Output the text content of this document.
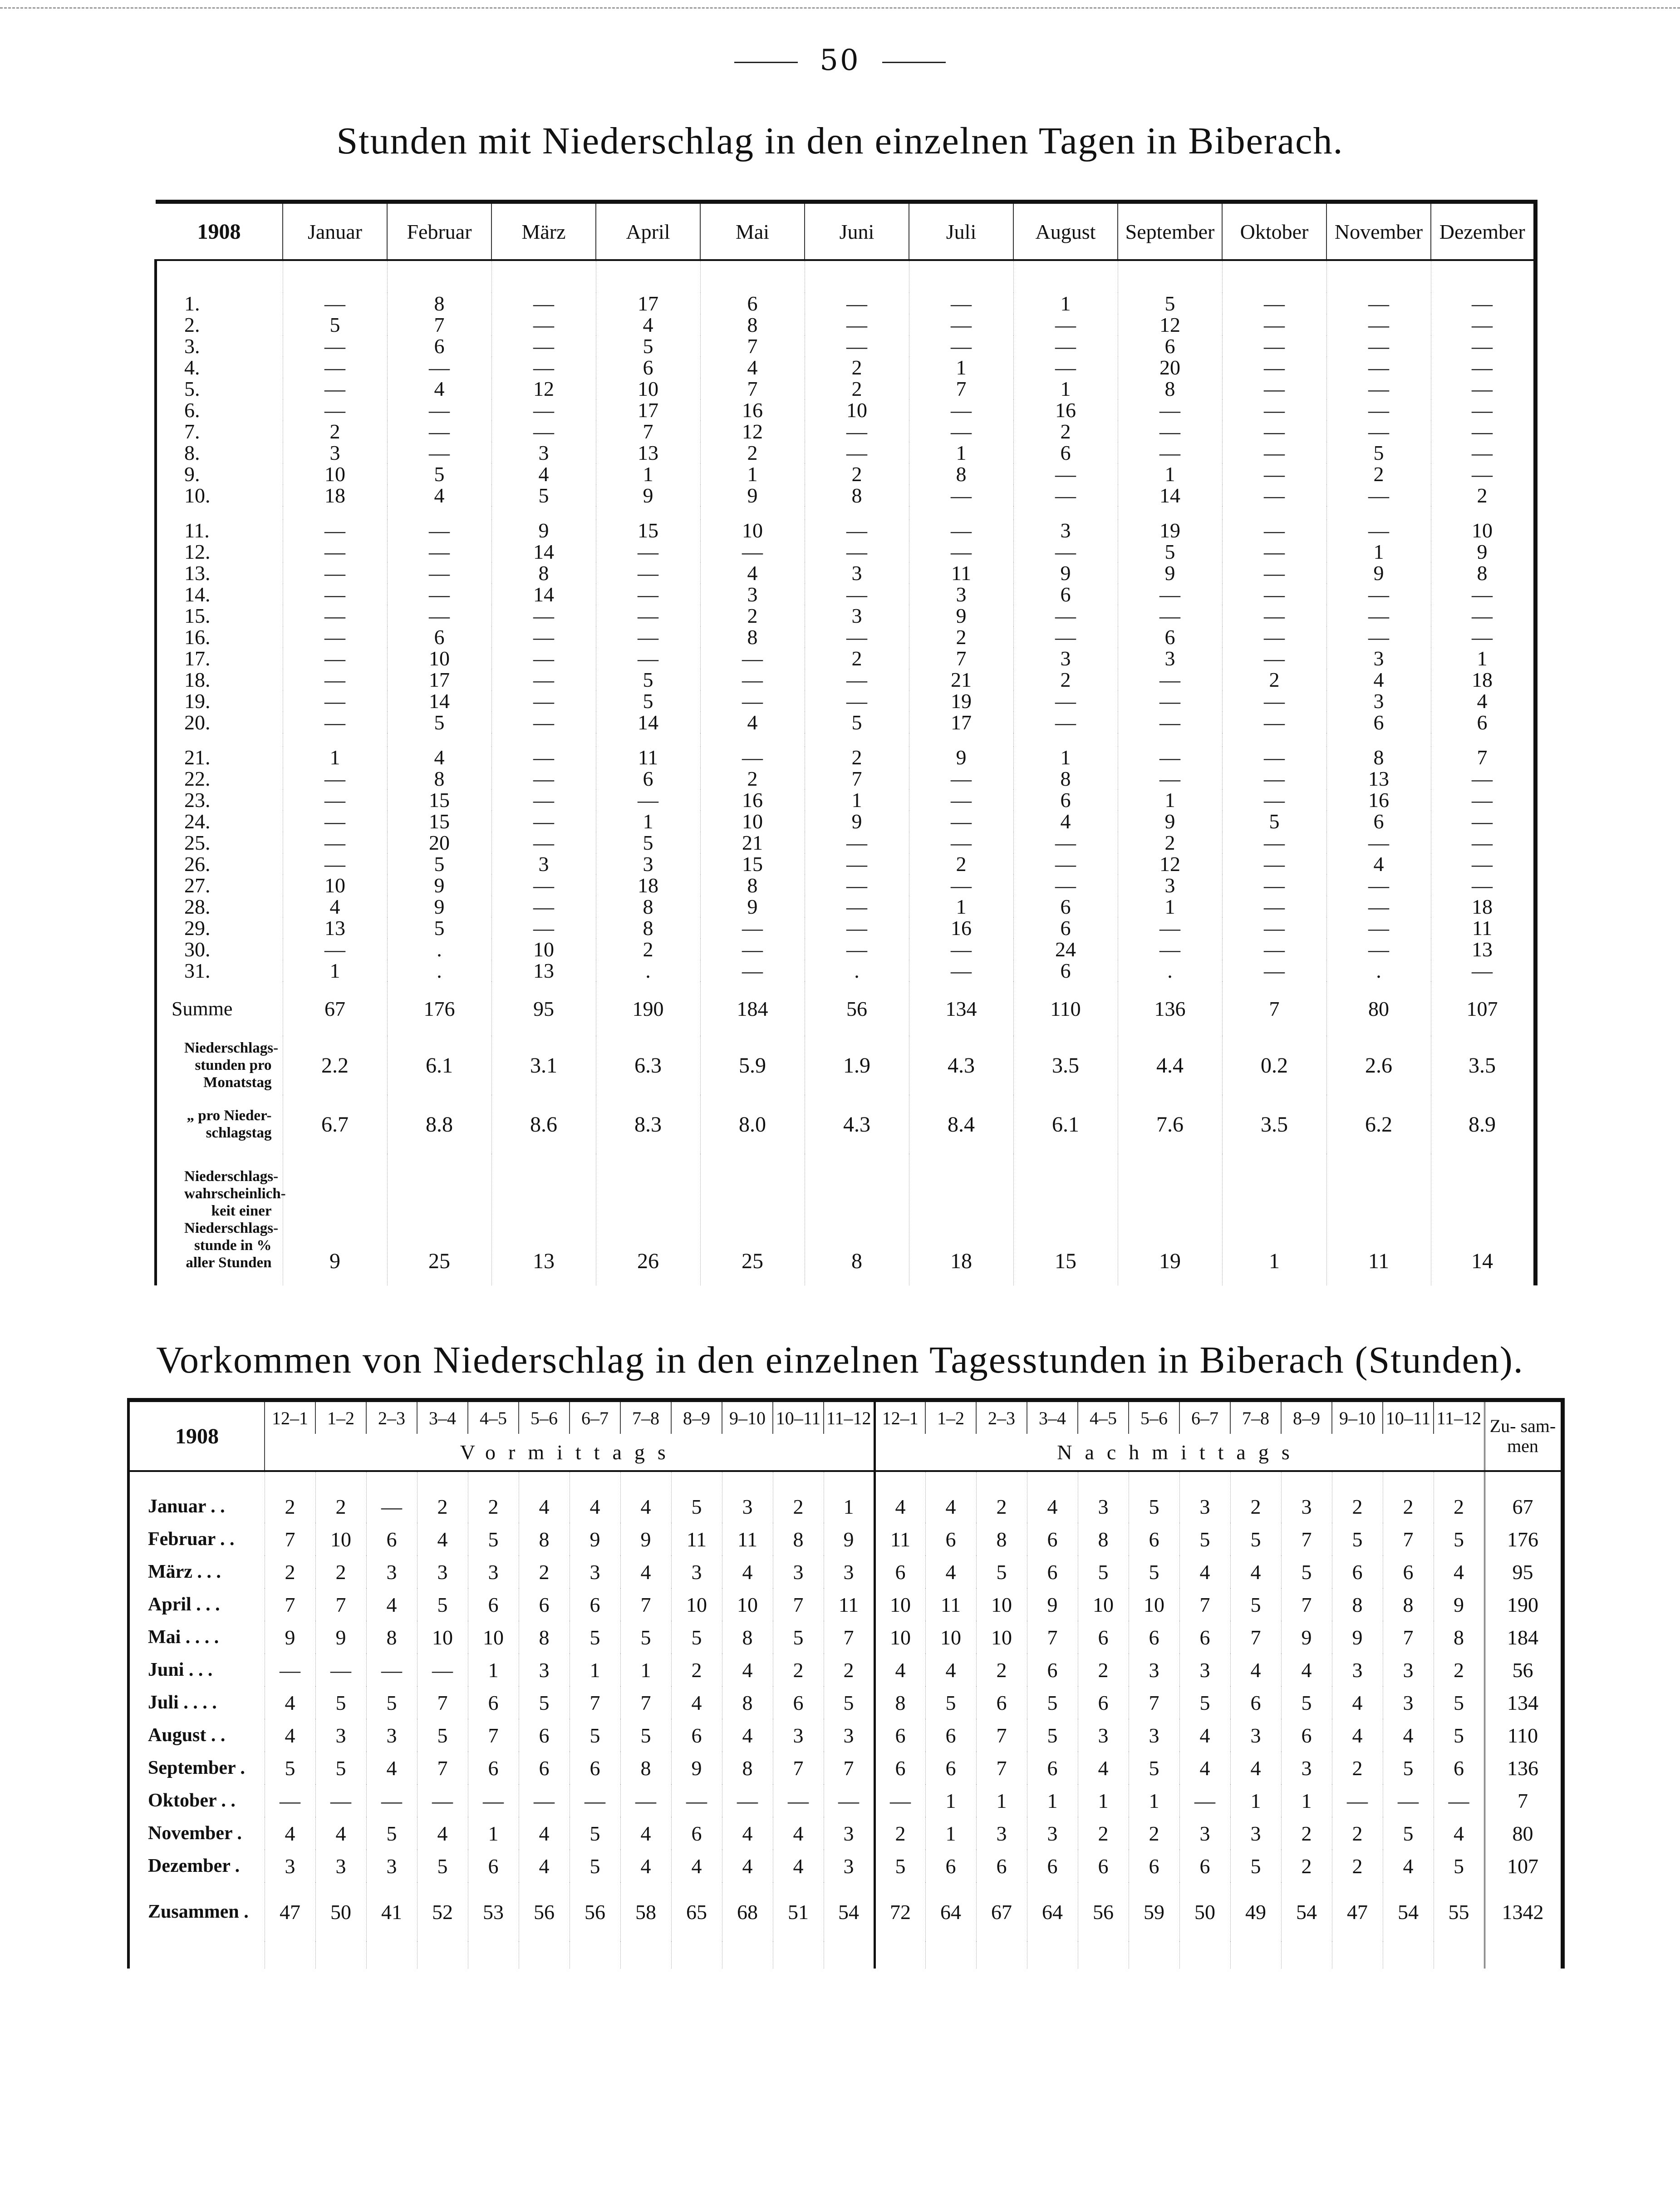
50
Stunden mit Niederschlag in den einzelnen Tagen in Biberach.
1908	Januar	Februar	März	April	Mai	Juni	Juli	August	September	Oktober	November	Dezember

1.	—	8	—	17	6	—	—	1	5	—	—	—
2.	5	7	—	4	8	—	—	—	12	—	—	—
3.	—	6	—	5	7	—	—	—	6	—	—	—
4.	—	—	—	6	4	2	1	—	20	—	—	—
5.	—	4	12	10	7	2	7	1	8	—	—	—
6.	—	—	—	17	16	10	—	16	—	—	—	—
7.	2	—	—	7	12	—	—	2	—	—	—	—
8.	3	—	3	13	2	—	1	6	—	—	5	—
9.	10	5	4	1	1	2	8	—	1	—	2	—
10.	18	4	5	9	9	8	—	—	14	—	—	2

11.	—	—	9	15	10	—	—	3	19	—	—	10
12.	—	—	14	—	—	—	—	—	5	—	1	9
13.	—	—	8	—	4	3	11	9	9	—	9	8
14.	—	—	14	—	3	—	3	6	—	—	—	—
15.	—	—	—	—	2	3	9	—	—	—	—	—
16.	—	6	—	—	8	—	2	—	6	—	—	—
17.	—	10	—	—	—	2	7	3	3	—	3	1
18.	—	17	—	5	—	—	21	2	—	2	4	18
19.	—	14	—	5	—	—	19	—	—	—	3	4
20.	—	5	—	14	4	5	17	—	—	—	6	6

21.	1	4	—	11	—	2	9	1	—	—	8	7
22.	—	8	—	6	2	7	—	8	—	—	13	—
23.	—	15	—	—	16	1	—	6	1	—	16	—
24.	—	15	—	1	10	9	—	4	9	5	6	—
25.	—	20	—	5	21	—	—	—	2	—	—	—
26.	—	5	3	3	15	—	2	—	12	—	4	—
27.	10	9	—	18	8	—	—	—	3	—	—	—
28.	4	9	—	8	9	—	1	6	1	—	—	18
29.	13	5	—	8	—	—	16	6	—	—	—	11
30.	—	.	10	2	—	—	—	24	—	—	—	13
31.	1	.	13	.	—	.	—	6	.	—	.	—
Summe	67	176	95	190	184	56	134	110	136	7	80	107
Niederschlags- stunden pro Monatstag	2.2	6.1	3.1	6.3	5.9	1.9	4.3	3.5	4.4	0.2	2.6	3.5
„ pro Nieder- schlagstag	6.7	8.8	8.6	8.3	8.0	4.3	8.4	6.1	7.6	3.5	6.2	8.9
Niederschlags- wahrscheinlich- keit einer Niederschlags- stunde in % aller Stunden	9	25	13	26	25	8	18	15	19	1	11	14
Vorkommen von Niederschlag in den einzelnen Tagesstunden in Biberach (Stunden).
1908	12–1	1–2	2–3	3–4	4–5	5–6	6–7	7–8	8–9	9–10	10–11	11–12	12–1	1–2	2–3	3–4	4–5	5–6	6–7	7–8	8–9	9–10	10–11	11–12	Zu- sam- men
	Vormittags												Nachmittags												
Januar . .	2	2	—	2	2	4	4	4	5	3	2	1	4	4	2	4	3	5	3	2	3	2	2	2	67
Februar . .	7	10	6	4	5	8	9	9	11	11	8	9	11	6	8	6	8	6	5	5	7	5	7	5	176
März . . .	2	2	3	3	3	2	3	4	3	4	3	3	6	4	5	6	5	5	4	4	5	6	6	4	95
April . . .	7	7	4	5	6	6	6	7	10	10	7	11	10	11	10	9	10	10	7	5	7	8	8	9	190
Mai . . . .	9	9	8	10	10	8	5	5	5	8	5	7	10	10	10	7	6	6	6	7	9	9	7	8	184
Juni . . .	—	—	—	—	1	3	1	1	2	4	2	2	4	4	2	6	2	3	3	4	4	3	3	2	56
Juli . . . .	4	5	5	7	6	5	7	7	4	8	6	5	8	5	6	5	6	7	5	6	5	4	3	5	134
August . .	4	3	3	5	7	6	5	5	6	4	3	3	6	6	7	5	3	3	4	3	6	4	4	5	110
September .	5	5	4	7	6	6	6	8	9	8	7	7	6	6	7	6	4	5	4	4	3	2	5	6	136
Oktober . .	—	—	—	—	—	—	—	—	—	—	—	—	—	1	1	1	1	1	—	1	1	—	—	—	7
November .	4	4	5	4	1	4	5	4	6	4	4	3	2	1	3	3	2	2	3	3	2	2	5	4	80
Dezember .	3	3	3	5	6	4	5	4	4	4	4	3	5	6	6	6	6	6	6	5	2	2	4	5	107
Zusammen .	47	50	41	52	53	56	56	58	65	68	51	54	72	64	67	64	56	59	50	49	54	47	54	55	1342
